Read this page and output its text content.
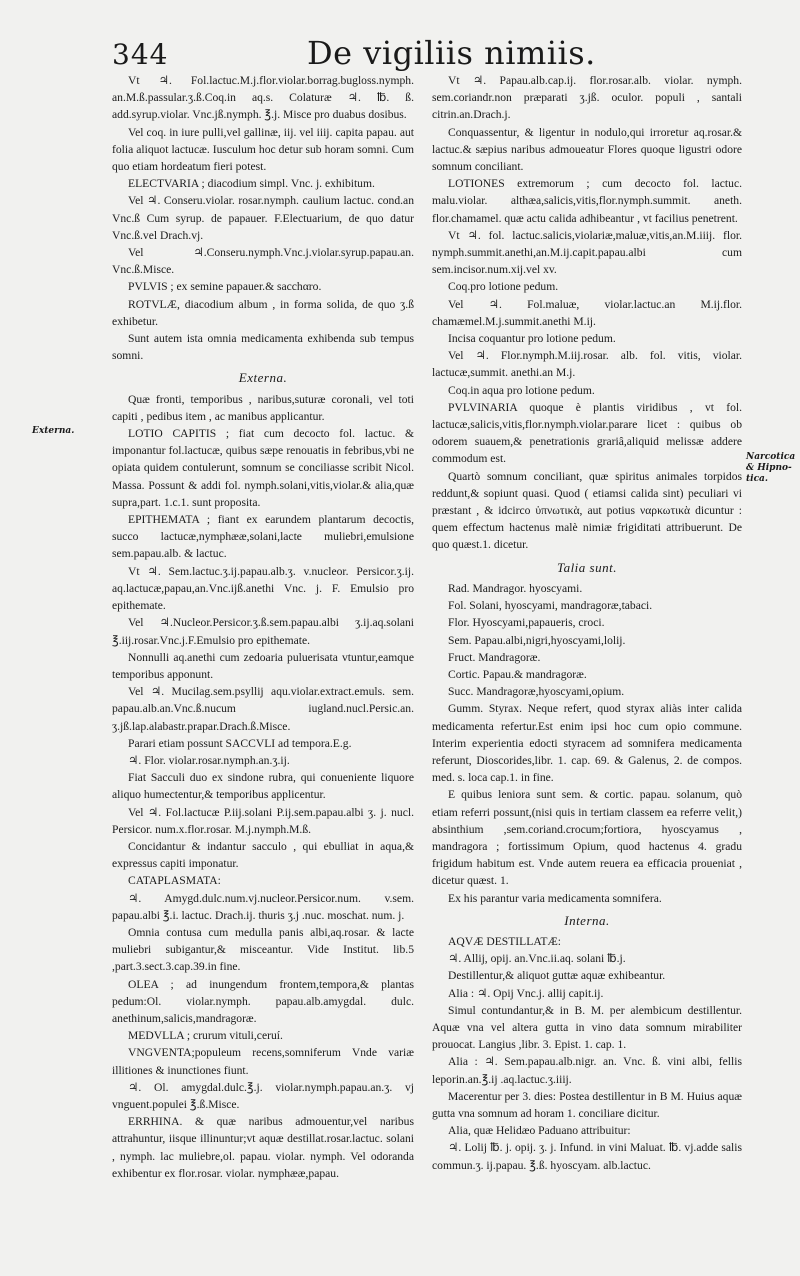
344	De vigiliis nimiis.
Externa.
Narcotica & Hipno-tica.

Vt ♃. Fol.lactuc.M.j.flor.violar.borrag.bugloss.nymph. an.M.ß.passular.ʒ.ß.Coq.in aq.s. Colaturæ ♃. ℔. ß. add.syrup.violar. Vnc.jß.nymph. ℥.j. Misce pro duabus dosibus.

Vel coq. in iure pulli,vel gallinæ, iij. vel iiij. capita papau. aut folia aliquot lactucæ. Iusculum hoc detur sub horam somni. Cum quo etiam hordeatum fieri potest.

ELECTVARIA ; diacodium simpl. Vnc. j. exhibitum.

Vel ♃. Conseru.violar. rosar.nymph. caulium lactuc. cond.an Vnc.ß Cum syrup. de papauer. F.Electuarium, de quo datur Vnc.ß.vel Drach.vj.

Vel ♃.Conseru.nymph.Vnc.j.violar.syrup.papau.an. Vnc.ß.Misce.

PVLVIS ; ex semine papauer.& sacchαro.

ROTVLÆ, diacodium album , in forma solida, de quo ʒ.ß exhibetur.

Sunt autem ista omnia medicamenta exhibenda sub tempus somni.

Externa.

Quæ fronti, temporibus , naribus,suturæ coronali, vel toti capiti , pedibus item , ac manibus applicantur.

LOTIO CAPITIS ; fiat cum decocto fol. lactuc. & imponantur fol.lactucæ, quibus sæpe renouatis in febribus,vbi ne opiata quidem contulerunt, somnum se conciliasse scribit Nicol. Massa. Possunt & addi fol. nymph.solani,vitis,violar.& alia,quæ supra,part. 1.c.1. sunt proposita.

EPITHEMATA ; fiant ex earundem plantarum decoctis, succo lactucæ,nymphææ,solani,lacte muliebri,emulsione sem.papau.alb. & lactuc.

Vt ♃. Sem.lactuc.ʒ.ij.papau.alb.ʒ. v.nucleor. Persicor.ʒ.ij. aq.lactucæ,papau,an.Vnc.ijß.anethi Vnc. j. F. Emulsio pro epithemate.

Vel ♃.Nucleor.Persicor.ʒ.ß.sem.papau.albi ʒ.ij.aq.solani ℥.iij.rosar.Vnc.j.F.Emulsio pro epithemate.

Nonnulli aq.anethi cum zedoaria puluerisata vtuntur,eamque temporibus apponunt.

Vel ♃. Mucilag.sem.psyllij aqu.violar.extract.emuls. sem. papau.alb.an.Vnc.ß.nucum iugland.nucl.Persic.an. ʒ.jß.lap.alabastr.prapar.Drach.ß.Misce.

Parari etiam possunt SACCVLI ad tempora.E.g.

♃. Flor. violar.rosar.nymph.an.ʒ.ij.

Fiat Sacculi duo ex sindone rubra, qui conueniente liquore aliquo humectentur,& temporibus applicentur.

Vel ♃. Fol.lactucæ P.iij.solani P.ij.sem.papau.albi ʒ. j. nucl. Persicor. num.x.flor.rosar. M.j.nymph.M.ß.

Concidantur & indantur sacculo , qui ebulliat in aqua,& expressus capiti imponatur.

CATAPLASMATA:

♃. Amygd.dulc.num.vj.nucleor.Persicor.num. v.sem. papau.albi ℥.i. lactuc. Drach.ij. thuris ʒ.j .nuc. moschat. num. j.

Omnia contusa cum medulla panis albi,aq.rosar. & lacte muliebri subigantur,& misceantur. Vide Institut. lib.5 ,part.3.sect.3.cap.39.in fine.

OLEA ; ad inungendum frontem,tempora,& plantas pedum:Ol. violar.nymph. papau.alb.amygdal. dulc. anethinum,salicis,mandragoræ.

MEDVLLA ; crurum vituli,ceruí.

VNGVENTA;populeum recens,somniferum Vnde variæ illitiones & inunctiones fiunt.

♃. Ol. amygdal.dulc.℥.j. violar.nymph.papau.an.ʒ. vj vnguent.populei ℥.ß.Misce.

ERRHINA. & quæ naribus admouentur,vel naribus attrahuntur, iisque illinuntur;vt aquæ destillat.rosar.lactuc. solani , nymph. lac muliebre,ol. papau. violar. nymph. Vel odoranda exhibentur ex flor.rosar. violar. nymphææ,papau.

Vt ♃. Papau.alb.cap.ij. flor.rosar.alb. violar. nymph. sem.coriandr.non præparati ʒ.jß. oculor. populi , santali citrin.an.Drach.j.

Conquassentur, & ligentur in nodulo,qui irroretur aq.rosar.& lactuc.& sæpius naribus admoueatur Flores quoque ligustri odore somnum conciliant.

LOTIONES extremorum ; cum decocto fol. lactuc. malu.violar. althæa,salicis,vitis,flor.nymph.summit. aneth. flor.chamamel. quæ actu calida adhibeantur , vt facilius penetrent.

Vt ♃. fol. lactuc.salicis,violariæ,maluæ,vitis,an.M.iiij. flor. nymph.summit.anethi,an.M.ij.capit.papau.albi cum sem.incisor.num.xij.vel xv.

Coq.pro lotione pedum.

Vel ♃. Fol.maluæ, violar.lactuc.an M.ij.flor. chamæmel.M.j.summit.anethi M.ij.

Incisa coquantur pro lotione pedum.

Vel ♃. Flor.nymph.M.iij.rosar. alb. fol. vitis, violar. lactucæ,summit. anethi.an M.j.

Coq.in aqua pro lotione pedum.

PVLVINARIA quoque è plantis viridibus , vt fol. lactucæ,salicis,vitis,flor.nymph.violar.parare licet : quibus ob odorem suauem,& penetrationis grariâ,aliquid melissæ addere commodum est.

Quartò somnum conciliant, quæ spiritus animales torpidos reddunt,& sopiunt quasi. Quod ( etiamsi calida sint) peculiari vi præstant , & idcirco ὑπνωτικὰ, aut potius ναρκωτικὰ dicuntur : quem effectum hactenus malè nimiæ frigiditati attribuerunt. De quo quæst.1. dicetur.

Talia sunt.

Rad. Mandragor. hyoscyami.

Fol. Solani, hyoscyami, mandragoræ,tabaci.

Flor. Hyoscyami,papaueris, croci.

Sem. Papau.albi,nigri,hyoscyami,lolij.

Fruct. Mandragoræ.

Cortic. Papau.& mandragoræ.

Succ. Mandragoræ,hyoscyami,opium.

Gumm. Styrax. Neque refert, quod styrax aliàs inter calida medicamenta refertur.Est enim ipsi hoc cum opio commune. Interim experientia edocti styracem ad somnifera medicamenta referunt, Dioscorides,libr. 1. cap. 69. & Galenus, 2. de compos. med. s. loca cap.1. in fine.

E quibus leniora sunt sem. & cortic. papau. solanum, quò etiam referri possunt,(nisi quis in tertiam classem ea referre velit,) absinthium ,sem.coriand.crocum;fortiora, hyoscyamus , mandragora ; fortissimum Opium, quod hactenus 4. gradu frigidum habitum est. Vnde autem reuera ea efficacia proueniat , dicetur quæst. 1.

Ex his parantur varia medicamenta somnifera.

Interna.

AQVÆ DESTILLATÆ:

♃. Allij, opij. an.Vnc.ii.aq. solani ℔.j.

Destillentur,& aliquot guttæ aquæ exhibeantur.

Alia : ♃. Opij Vnc.j. allij capit.ij.

Simul contundantur,& in B. M. per alembicum destillentur. Aquæ vna vel altera gutta in vino data somnum mirabiliter prouocat. Langius ,libr. 3. Epist. 1. cap. 1.

Alia : ♃. Sem.papau.alb.nigr. an. Vnc. ß. vini albi, fellis leporin.an.℥.ij .aq.lactuc.ʒ.iiij.

Macerentur per 3. dies: Postea destillentur in B M. Huius aquæ gutta vna somnum ad horam 1. conciliare dicitur.

Alia, quæ Helidæo Paduano attribuitur:

♃. Lolij ℔. j. opij. ʒ. j. Infund. in vini Maluat. ℔. vj.adde salis commun.ʒ. ij.papau. ℥.ß. hyoscyam. alb.lactuc.
